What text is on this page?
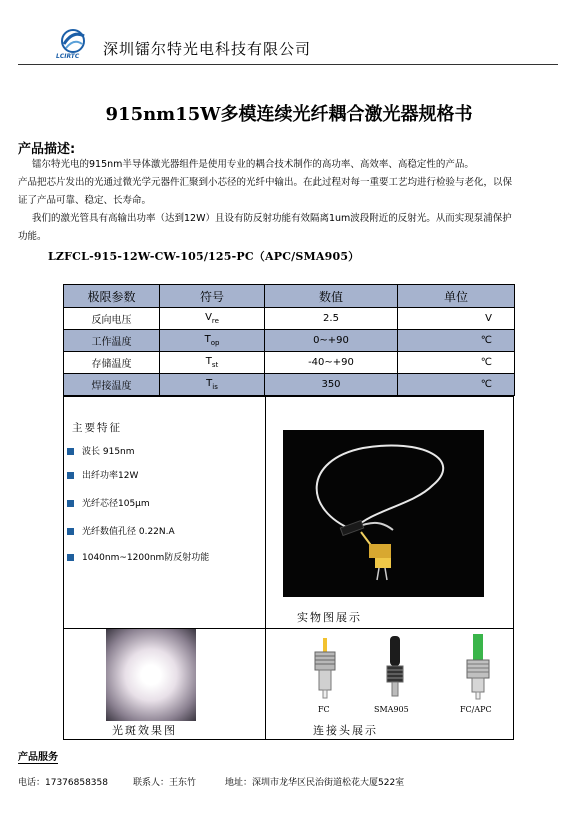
LCIRTC 深圳镭尔特光电科技有限公司
915nm15W多模连续光纤耦合激光器规格书
产品描述:
镭尔特光电的915nm半导体激光器组件是使用专业的耦合技术制作的高功率、高效率、高稳定性的产品。
产品把芯片发出的光通过微光学元器件汇聚到小芯径的光纤中输出。在此过程对每一重要工艺均进行检验与老化，以保
证了产品可靠、稳定、长寿命。
我们的激光管具有高输出功率（达到12W）且设有防反射功能有效隔离1um波段附近的反射光。从而实现泵浦保护
功能。
LZFCL-915-12W-CW-105/125-PC（APC/SMA905）
极限参数	符号	数值	单位
反向电压	$V_{re}$	2.5	V
工作温度	$T_{op}$	0~+90	℃
存储温度	$T_{st}$	-40~+90	℃
焊接温度	$T_{is}$	350	℃
主要特征
波长 915nm
出纤功率12W
光纤芯径105μm
光纤数值孔径 0.22N.A
1040nm~1200nm防反射功能
实物图展示
光斑效果图
FC	SMA905	FC/APC
连接头展示
产品服务
电话：17376858358	联系人：王东竹	地址：深圳市龙华区民治街道松花大厦522室
